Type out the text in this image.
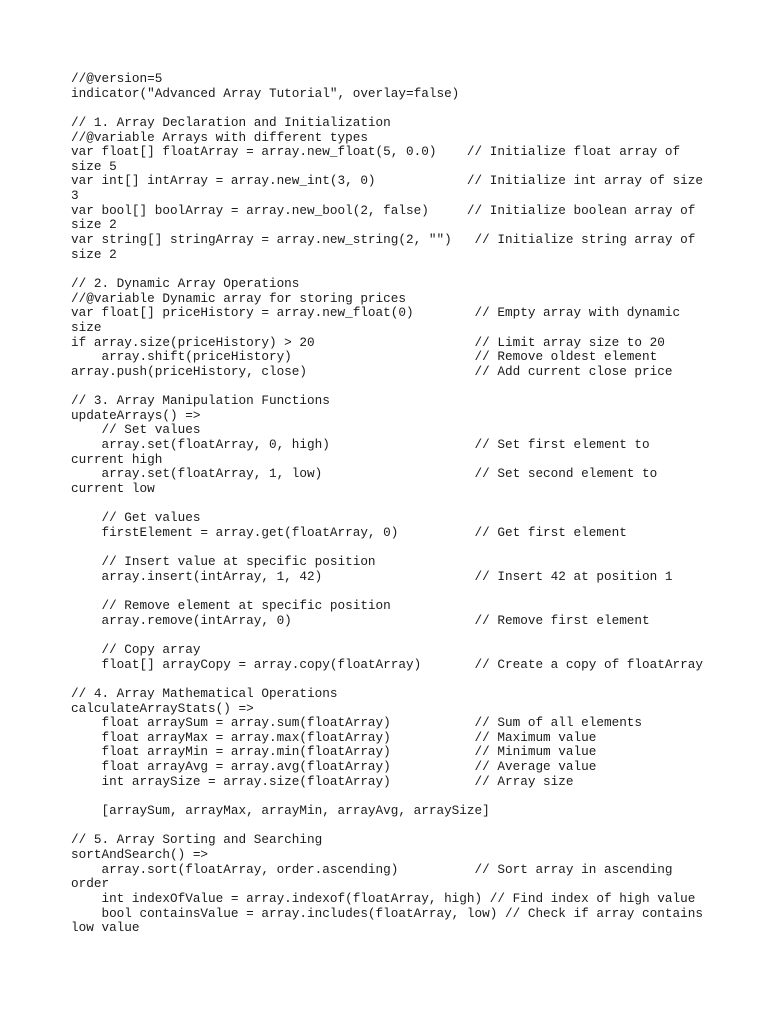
//@version=5
indicator("Advanced Array Tutorial", overlay=false)
// 1. Array Declaration and Initialization
//@variable Arrays with different types
var float[] floatArray = array.new_float(5, 0.0)    // Initialize float array of
size 5
var int[] intArray = array.new_int(3, 0)            // Initialize int array of size
3
var bool[] boolArray = array.new_bool(2, false)     // Initialize boolean array of
size 2
var string[] stringArray = array.new_string(2, "")   // Initialize string array of
size 2
// 2. Dynamic Array Operations
//@variable Dynamic array for storing prices
var float[] priceHistory = array.new_float(0)        // Empty array with dynamic
size
if array.size(priceHistory) > 20                     // Limit array size to 20
array.shift(priceHistory)                        // Remove oldest element
array.push(priceHistory, close)                      // Add current close price
// 3. Array Manipulation Functions
updateArrays() =>
// Set values
array.set(floatArray, 0, high)                   // Set first element to
current high
array.set(floatArray, 1, low)                    // Set second element to
current low
// Get values
firstElement = array.get(floatArray, 0)          // Get first element
// Insert value at specific position
array.insert(intArray, 1, 42)                    // Insert 42 at position 1
// Remove element at specific position
array.remove(intArray, 0)                        // Remove first element
// Copy array
float[] arrayCopy = array.copy(floatArray)       // Create a copy of floatArray
// 4. Array Mathematical Operations
calculateArrayStats() =>
float arraySum = array.sum(floatArray)           // Sum of all elements
float arrayMax = array.max(floatArray)           // Maximum value
float arrayMin = array.min(floatArray)           // Minimum value
float arrayAvg = array.avg(floatArray)           // Average value
int arraySize = array.size(floatArray)           // Array size
[arraySum, arrayMax, arrayMin, arrayAvg, arraySize]
// 5. Array Sorting and Searching
sortAndSearch() =>
array.sort(floatArray, order.ascending)          // Sort array in ascending
order
int indexOfValue = array.indexof(floatArray, high) // Find index of high value
bool containsValue = array.includes(floatArray, low) // Check if array contains
low value
